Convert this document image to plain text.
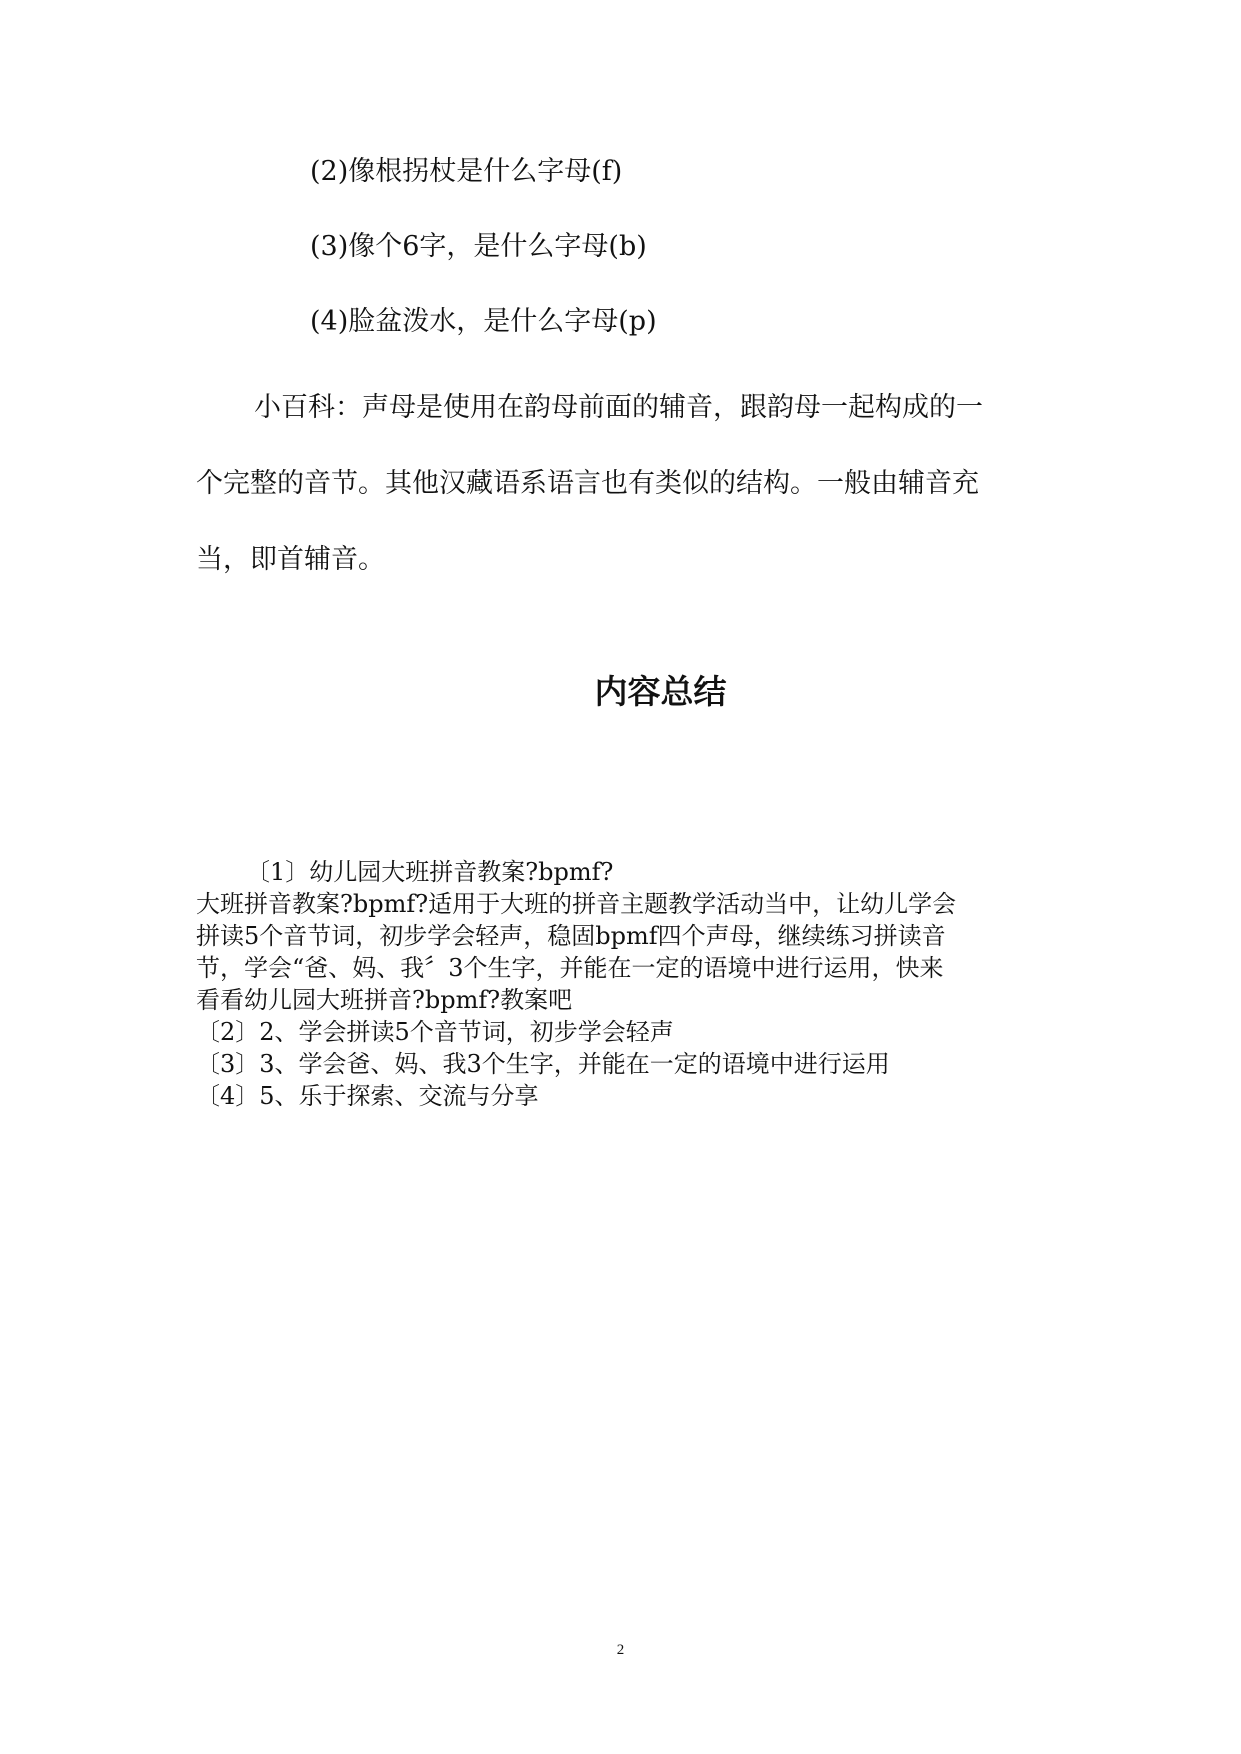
(2)像根拐杖是什么字母(f)
(3)像个6字，是什么字母(b)
(4)脸盆泼水，是什么字母(p)
小百科：声母是使用在韵母前面的辅音，跟韵母一起构成的一
个完整的音节。其他汉藏语系语言也有类似的结构。一般由辅音充
当，即首辅音。
内容总结
〔1〕幼儿园大班拼音教案?bpmf?
大班拼音教案?bpmf?适用于大班的拼音主题教学活动当中，让幼儿学会
拼读5个音节词，初步学会轻声，稳固bpmf四个声母，继续练习拼读音
节，学会“爸、妈、我〞3个生字，并能在一定的语境中进行运用，快来
看看幼儿园大班拼音?bpmf?教案吧
〔2〕2、学会拼读5个音节词，初步学会轻声
〔3〕3、学会爸、妈、我3个生字，并能在一定的语境中进行运用
〔4〕5、乐于探索、交流与分享
2
